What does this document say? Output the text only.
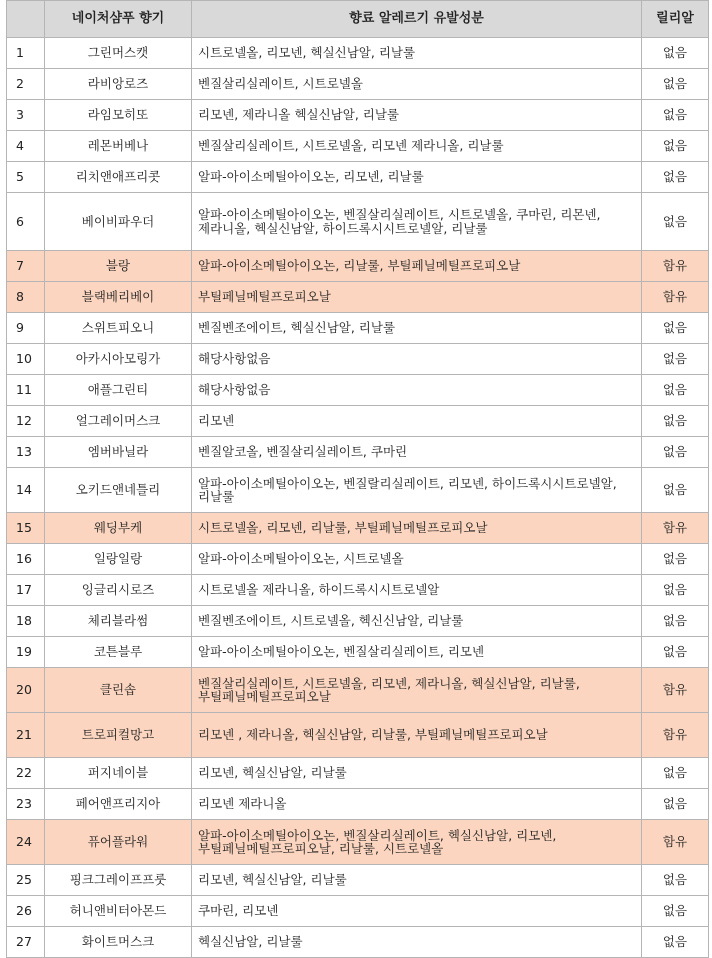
	네이처샴푸 향기	향료 알레르기 유발성분	릴리알
1	그린머스캣	시트로넬올, 리모넨, 헥실신남알, 리날룰	없음
2	라비앙로즈	벤질살리실레이트, 시트로넬올	없음
3	라임모히또	리모넨, 제라니올 헥실신남알, 리날룰	없음
4	레몬버베나	벤질살리실레이트, 시트로넬올, 리모넨 제라니올, 리날룰	없음
5	리치앤애프리콧	알파-아이소메틸아이오논, 리모넨, 리날룰	없음
6	베이비파우더	알파-아이소메틸아이오논, 벤질살리실레이트, 시트로넬올, 쿠마린, 리몬넨, 제라니올, 헥실신남알, 하이드록시시트로넬알, 리날룰	없음
7	블랑	알파-아이소메틸아이오논, 리날룰, 부틸페닐메틸프로피오날	함유
8	블랙베리베이	부틸페닐메틸프로피오날	함유
9	스위트피오니	벤질벤조에이트, 헥실신남알, 리날룰	없음
10	아카시아모링가	해당사항없음	없음
11	애플그린티	해당사항없음	없음
12	얼그레이머스크	리모넨	없음
13	엠버바닐라	벤질알코올, 벤질살리실레이트, 쿠마린	없음
14	오키드앤네틀리	알파-아이소메틸아이오논, 벤질랄리실레이트, 리모넨, 하이드록시시트로넬알, 리날룰	없음
15	웨딩부케	시트로넬올, 리모넨, 리날룰, 부틸페닐메틸프로피오날	함유
16	일랑일랑	알파-아이소메틸아이오논, 시트로넬올	없음
17	잉글리시로즈	시트로넬올 제라니올, 하이드록시시트로넬알	없음
18	체리블라썸	벤질벤조에이트, 시트로넬올, 헥신신남알, 리날룰	없음
19	코튼블루	알파-아이소메틸아이오논, 벤질살리실레이트, 리모넨	없음
20	클린솝	벤질살리실레이트, 시트로넬올, 리모넨, 제라니올, 헥실신남알, 리날룰, 부틸페닐메틸프로피오날	함유
21	트로피컬망고	리모넨 , 제라니올, 헥실신남알, 리날룰, 부틸페닐메틸프로피오날	함유
22	퍼지네이블	리모넨, 헥실신남알, 리날룰	없음
23	페어앤프리지아	리모넨 제라니올	없음
24	퓨어플라워	알파-아이소메틸아이오논, 벤질살리실레이트, 헥실신남알, 리모넨, 부틸페닐메틸프로피오날, 리날룰, 시트로넬올	함유
25	핑크그레이프프룻	리모넨, 헥실신남알, 리날룰	없음
26	허니앤비터아몬드	쿠마린, 리모넨	없음
27	화이트머스크	헥실신남알, 리날룰	없음
